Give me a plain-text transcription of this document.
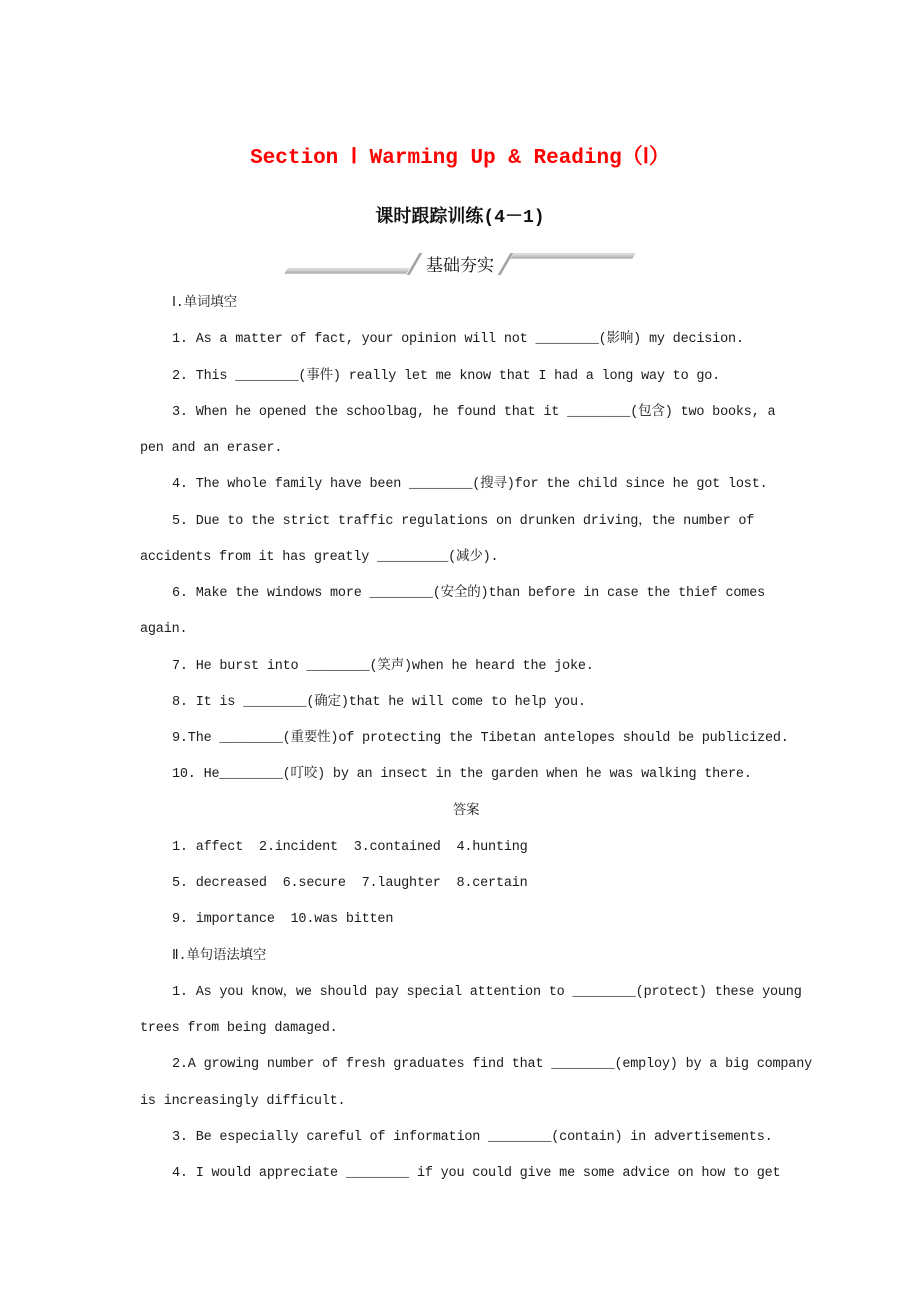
Section Ⅰ Warming Up & Reading（Ⅰ）
课时跟踪训练(4－1)
基础夯实
Ⅰ.单词填空
1. As a matter of fact, your opinion will not ________(影响) my decision.
2. This ________(事件) really let me know that I had a long way to go.
3. When he opened the schoolbag, he found that it ________(包含) two books, a
pen and an eraser.
4. The whole family have been ________(搜寻)for the child since he got lost.
5. Due to the strict traffic regulations on drunken driving，the number of
accidents from it has greatly _________(减少).
6. Make the windows more ________(安全的)than before in case the thief comes
again.
7. He burst into ________(笑声)when he heard the joke.
8. It is ________(确定)that he will come to help you.
9.The ________(重要性)of protecting the Tibetan antelopes should be publicized.
10. He________(叮咬) by an insect in the garden when he was walking there.
答案
1. affect  2.incident  3.contained  4.hunting
5. decreased  6.secure  7.laughter  8.certain
9. importance  10.was bitten
Ⅱ.单句语法填空
1. As you know，we should pay special attention to ________(protect) these young
trees from being damaged.
2.A growing number of fresh graduates find that ________(employ) by a big company
is increasingly difficult.
3. Be especially careful of information ________(contain) in advertisements.
4. I would appreciate ________ if you could give me some advice on how to get
